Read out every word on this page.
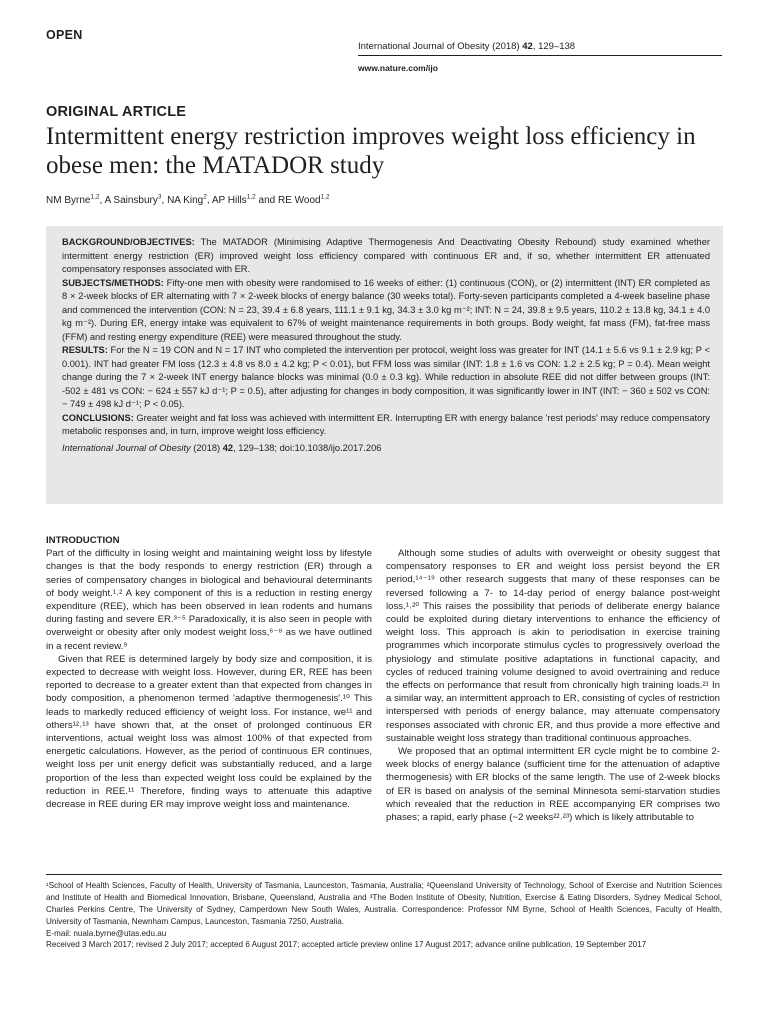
OPEN
International Journal of Obesity (2018) 42, 129–138
www.nature.com/ijo
ORIGINAL ARTICLE
Intermittent energy restriction improves weight loss efficiency in obese men: the MATADOR study
NM Byrne$^{1,2}$, A Sainsbury$^3$, NA King$^2$, AP Hills$^{1,2}$ and RE Wood$^{1,2}$

BACKGROUND/OBJECTIVES: The MATADOR (Minimising Adaptive Thermogenesis And Deactivating Obesity Rebound) study examined whether intermittent energy restriction (ER) improved weight loss efficiency compared with continuous ER and, if so, whether intermittent ER attenuated compensatory responses associated with ER.

SUBJECTS/METHODS: Fifty-one men with obesity were randomised to 16 weeks of either: (1) continuous (CON), or (2) intermittent (INT) ER completed as 8 × 2-week blocks of ER alternating with 7 × 2-week blocks of energy balance (30 weeks total). Forty-seven participants completed a 4-week baseline phase and commenced the intervention (CON: N = 23, 39.4 ± 6.8 years, 111.1 ± 9.1 kg, 34.3 ± 3.0 kg m⁻²; INT: N = 24, 39.8 ± 9.5 years, 110.2 ± 13.8 kg, 34.1 ± 4.0 kg m⁻²). During ER, energy intake was equivalent to 67% of weight maintenance requirements in both groups. Body weight, fat mass (FM), fat-free mass (FFM) and resting energy expenditure (REE) were measured throughout the study.

RESULTS: For the N = 19 CON and N = 17 INT who completed the intervention per protocol, weight loss was greater for INT (14.1 ± 5.6 vs 9.1 ± 2.9 kg; P < 0.001). INT had greater FM loss (12.3 ± 4.8 vs 8.0 ± 4.2 kg; P < 0.01), but FFM loss was similar (INT: 1.8 ± 1.6 vs CON: 1.2 ± 2.5 kg; P = 0.4). Mean weight change during the 7 × 2-week INT energy balance blocks was minimal (0.0 ± 0.3 kg). While reduction in absolute REE did not differ between groups (INT: -502 ± 481 vs CON: − 624 ± 557 kJ d⁻¹; P = 0.5), after adjusting for changes in body composition, it was significantly lower in INT (INT: − 360 ± 502 vs CON: − 749 ± 498 kJ d⁻¹; P < 0.05).

CONCLUSIONS: Greater weight and fat loss was achieved with intermittent ER. Interrupting ER with energy balance 'rest periods' may reduce compensatory metabolic responses and, in turn, improve weight loss efficiency.

International Journal of Obesity (2018) 42, 129–138; doi:10.1038/ijo.2017.206

INTRODUCTION

Part of the difficulty in losing weight and maintaining weight loss by lifestyle changes is that the body responds to energy restriction (ER) through a series of compensatory changes in biological and behavioural determinants of body weight.¹˒² A key component of this is a reduction in resting energy expenditure (REE), which has been observed in lean rodents and humans during fasting and severe ER.³⁻⁵ Paradoxically, it is also seen in people with overweight or obesity after only modest weight loss,⁶⁻⁸ as we have outlined in a recent review.⁹

Given that REE is determined largely by body size and composition, it is expected to decrease with weight loss. However, during ER, REE has been reported to decrease to a greater extent than that expected from changes in body composition, a phenomenon termed 'adaptive thermogenesis'.¹⁰ This leads to markedly reduced efficiency of weight loss. For instance, we¹¹ and others¹²˒¹³ have shown that, at the onset of prolonged continuous ER interventions, actual weight loss was almost 100% of that expected from energetic calculations. However, as the period of continuous ER continues, weight loss per unit energy deficit was substantially reduced, and a large proportion of the less than expected weight loss could be explained by the reduction in REE.¹¹ Therefore, finding ways to attenuate this adaptive decrease in REE during ER may improve weight loss and maintenance.

Although some studies of adults with overweight or obesity suggest that compensatory responses to ER and weight loss persist beyond the ER period,¹⁴⁻¹⁹ other research suggests that many of these responses can be reversed following a 7- to 14-day period of energy balance post-weight loss.¹˒²⁰ This raises the possibility that periods of deliberate energy balance could be exploited during dietary interventions to enhance the efficiency of weight loss. This approach is akin to periodisation in exercise training programmes which incorporate stimulus cycles to progressively overload the physiology and stimulate positive adaptations in functional capacity, and cycles of reduced training volume designed to avoid overtraining and reduce the effects on performance that result from chronically high training loads.²¹ In a similar way, an intermittent approach to ER, consisting of cycles of restriction interspersed with periods of energy balance, may attenuate compensatory responses associated with chronic ER, and thus provide a more effective and sustainable weight loss strategy than traditional continuous approaches.

We proposed that an optimal intermittent ER cycle might be to combine 2-week blocks of energy balance (sufficient time for the attenuation of adaptive thermogenesis) with ER blocks of the same length. The use of 2-week blocks of ER is based on analysis of the seminal Minnesota semi-starvation studies which revealed that the reduction in REE accompanying ER comprises two phases; a rapid, early phase (~2 weeks²²˒²³) which is likely attributable to

¹School of Health Sciences, Faculty of Health, University of Tasmania, Launceston, Tasmania, Australia; ²Queensland University of Technology, School of Exercise and Nutrition Sciences and Institute of Health and Biomedical Innovation, Brisbane, Queensland, Australia and ³The Boden Institute of Obesity, Nutrition, Exercise & Eating Disorders, Sydney Medical School, Charles Perkins Centre, The University of Sydney, Camperdown New South Wales, Australia. Correspondence: Professor NM Byrne, School of Health Sciences, Faculty of Health, University of Tasmania, Newnham Campus, Launceston, Tasmania 7250, Australia.

E-mail: nuala.byrne@utas.edu.au

Received 3 March 2017; revised 2 July 2017; accepted 6 August 2017; accepted article preview online 17 August 2017; advance online publication, 19 September 2017
